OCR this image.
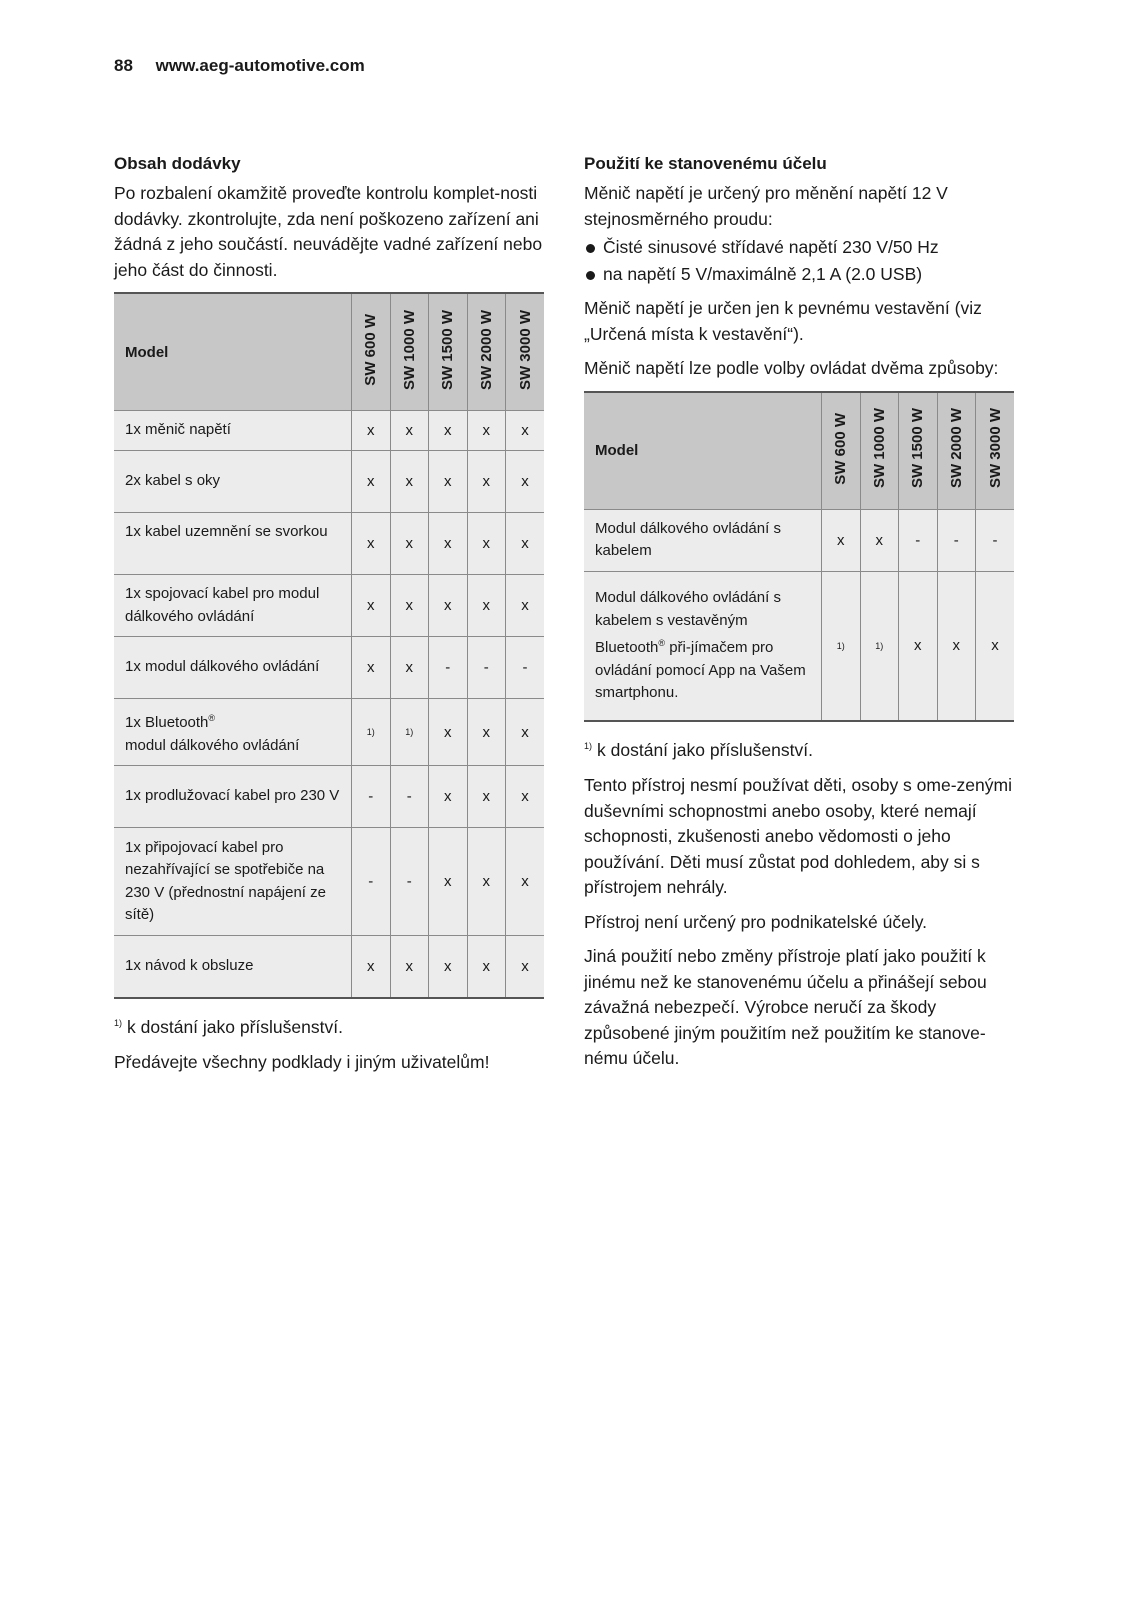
88 www.aeg-automotive.com
Obsah dodávky

Po rozbalení okamžitě proveďte kontrolu komplet-nosti dodávky. zkontrolujte, zda není poškozeno zařízení ani žádná z jeho součástí. neuvádějte vadné zařízení nebo jeho část do činnosti.

Model	SW 600 W	SW 1000 W	SW 1500 W	SW 2000 W	SW 3000 W
1x měnič napětí	x	x	x	x	x
2x kabel s oky	x	x	x	x	x
1x kabel uzemnění se svorkou	x	x	x	x	x
1x spojovací kabel pro modul dálkového ovládání	x	x	x	x	x
1x modul dálkového ovládání	x	x	-	-	-
1x Bluetooth®
modul dálkového ovládání	1)	1)	x	x	x
1x prodlužovací kabel pro 230 V	-	-	x	x	x
1x připojovací kabel pro nezahřívající se spotřebiče na 230 V (přednostní napájení ze sítě)	-	-	x	x	x
1x návod k obsluze	x	x	x	x	x
$^{1)}$ k dostání jako příslušenství.

Předávejte všechny podklady i jiným uživatelům!

Použití ke stanovenému účelu

Měnič napětí je určený pro měnění napětí 12 V stejnosměrného proudu:

Čisté sinusové střídavé napětí 230 V/50 Hz
na napětí 5 V/maximálně 2,1 A (2.0 USB)

Měnič napětí je určen jen k pevnému vestavění (viz „Určená místa k vestavění“).

Měnič napětí lze podle volby ovládat dvěma způsoby:

Model	SW 600 W	SW 1000 W	SW 1500 W	SW 2000 W	SW 3000 W
Modul dálkového ovládání s kabelem	x	x	-	-	-
Modul dálkového ovládání s kabelem s vestavěným Bluetooth® při-jímačem pro ovládání pomocí App na Vašem smartphonu.	1)	1)	x	x	x
$^{1)}$ k dostání jako příslušenství.

Tento přístroj nesmí používat děti, osoby s ome-zenými duševními schopnostmi anebo osoby, které nemají schopnosti, zkušenosti anebo vědomosti o jeho používání. Děti musí zůstat pod dohledem, aby si s přístrojem nehrály.

Přístroj není určený pro podnikatelské účely.

Jiná použití nebo změny přístroje platí jako použití k jinému než ke stanovenému účelu a přinášejí sebou závažná nebezpečí. Výrobce neručí za škody způsobené jiným použitím než použitím ke stanove-nému účelu.
